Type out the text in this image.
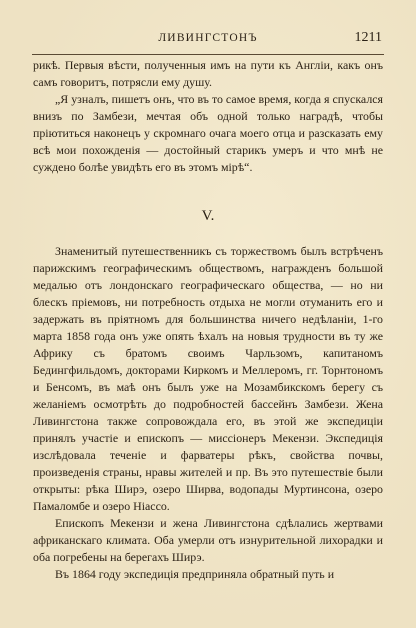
ЛИВИНГСТОНЪ	1211

рикѣ. Первыя вѣсти, полученныя имъ на пути къ Англіи, какъ онъ самъ говоритъ, потрясли ему душу.

„Я узналъ, пишетъ онъ, что въ то самое время, когда я спускался внизъ по Замбези, мечтая объ одной только наградѣ, чтобы пріютиться наконецъ у скромнаго очага моего отца и разсказать ему всѣ мои похожденія — достойный старикъ умеръ и что мнѣ не суждено болѣе увидѣть его въ этомъ мірѣ“.

V.

Знаменитый путешественникъ съ торжествомъ былъ встрѣченъ парижскимъ географическимъ обществомъ, награжденъ большой медалью отъ лондонскаго географическаго общества, — но ни блескъ пріемовъ, ни потребность отдыха не могли отуманить его и задержать въ пріятномъ для большинства ничего недѣланіи, 1-го марта 1858 года онъ уже опять ѣхалъ на новыя трудности въ ту же Африку съ братомъ своимъ Чарльзомъ, капитаномъ Бедингфильдомъ, докторами Киркомъ и Меллеромъ, гг. Торнтономъ и Бенсомъ, въ маѣ онъ былъ уже на Мозамбикскомъ берегу съ желаніемъ осмотрѣть до подробностей бассейнъ Замбези. Жена Ливингстона также сопровождала его, въ этой же экспедиціи принялъ участіе и епископъ — миссіонеръ Мекензи. Экспедиція изслѣдовала теченіе и фарватеры рѣкъ, свойства почвы, произведенія страны, нравы жителей и пр. Въ это путешествіе были открыты: рѣка Ширэ, озеро Ширва, водопады Муртинсона, озеро Памаломбе и озеро Ніассо.

Епископъ Мекензи и жена Ливингстона сдѣлались жертвами африканскаго климата. Оба умерли отъ изнурительной лихорадки и оба погребены на берегахъ Ширэ.

Въ 1864 году экспедиція предприняла обратный путь и
